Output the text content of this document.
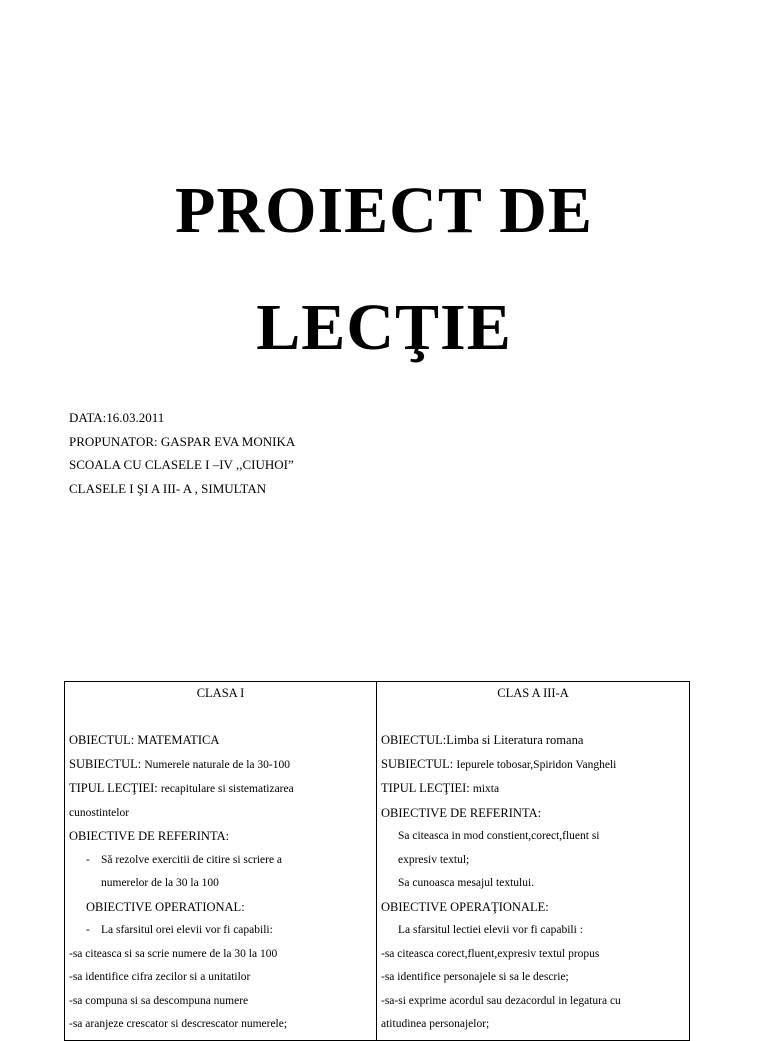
PROIECT DE
LECŢIE
DATA:16.03.2011
PROPUNATOR: GASPAR EVA MONIKA
SCOALA CU CLASELE I –IV ,,CIUHOI”
CLASELE I ŞI A III- A , SIMULTAN
CLASA I
OBIECTUL: MATEMATICA
SUBIECTUL: Numerele naturale de la 30-100
TIPUL LECŢIEI: recapitulare si sistematizarea
cunostintelor
OBIECTIVE DE REFERINTA:
- Să rezolve exercitii de citire si scriere a
numerelor de la 30 la 100
OBIECTIVE OPERATIONAL:
- La sfarsitul orei elevii vor fi capabili:
-sa citeasca si sa scrie numere de la 30 la 100
-sa identifice cifra zecilor si a unitatilor
-sa compuna si sa descompuna numere
-sa aranjeze crescator si descrescator numerele;
CLAS A III-A
OBIECTUL:Limba si Literatura romana
SUBIECTUL: Iepurele tobosar,Spiridon Vangheli
TIPUL LECŢIEI: mixta
OBIECTIVE DE REFERINTA:
Sa citeasca in mod constient,corect,fluent si
expresiv textul;
Sa cunoasca mesajul textului.
OBIECTIVE OPERAŢIONALE:
La sfarsitul lectiei elevii vor fi capabili :
-sa citeasca corect,fluent,expresiv textul propus
-sa identifice personajele si sa le descrie;
-sa-si exprime acordul sau dezacordul in legatura cu
atitudinea personajelor;
